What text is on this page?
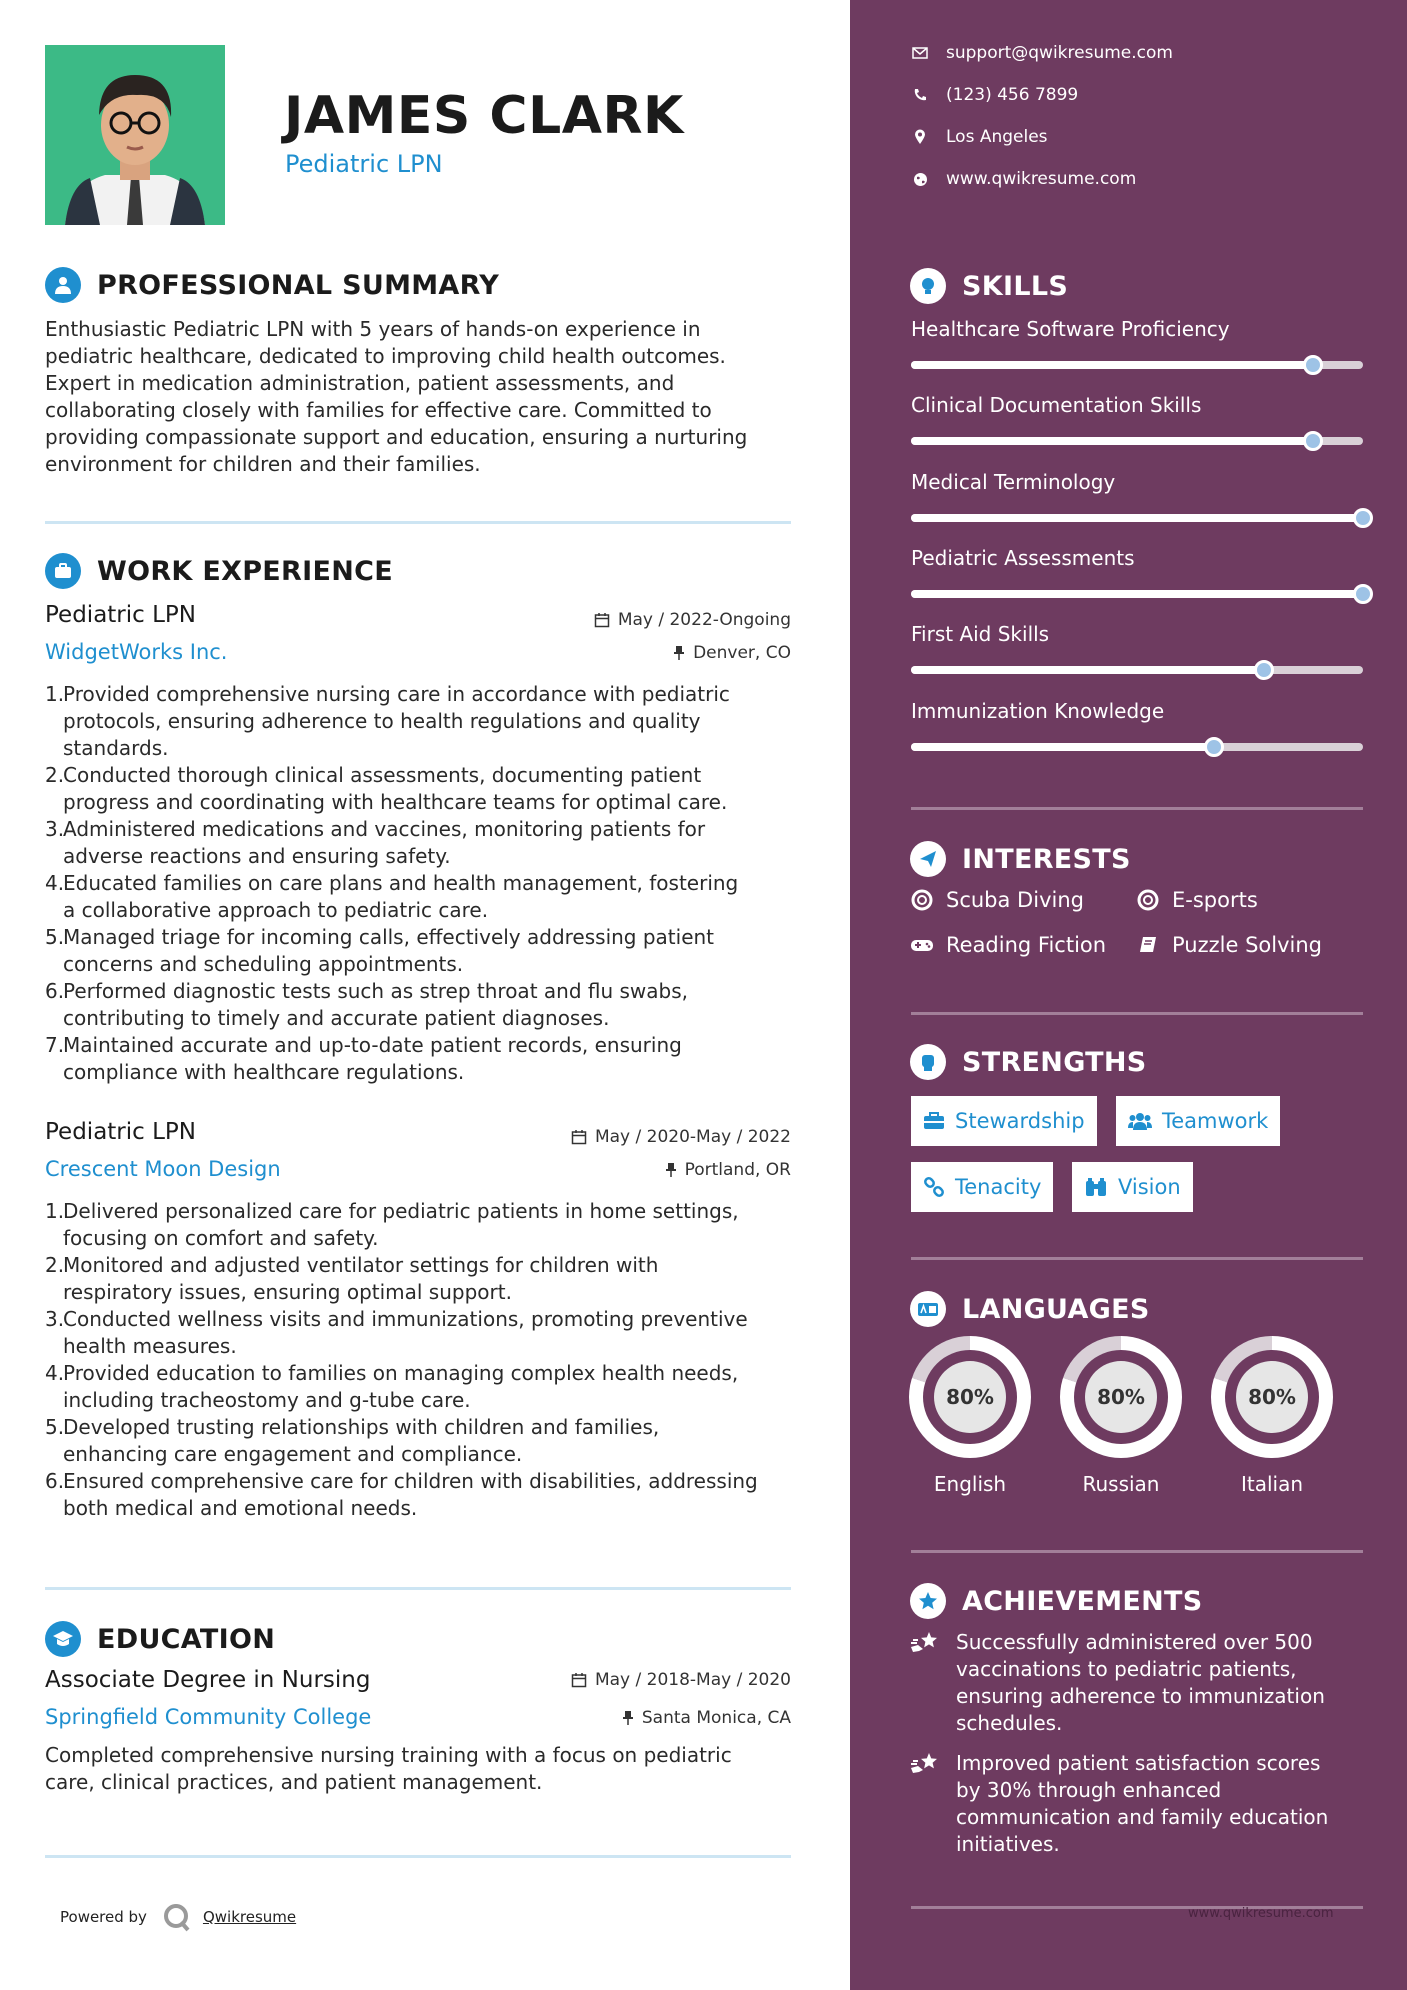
JAMES CLARK
Pediatric LPN
PROFESSIONAL SUMMARY
Enthusiastic Pediatric LPN with 5 years of hands-on experience in
pediatric healthcare, dedicated to improving child health outcomes.
Expert in medication administration, patient assessments, and
collaborating closely with families for effective care. Committed to
providing compassionate support and education, ensuring a nurturing
environment for children and their families.
WORK EXPERIENCE
Pediatric LPN	May / 2022-Ongoing
WidgetWorks Inc.	Denver, CO
1.
Provided comprehensive nursing care in accordance with pediatric
protocols, ensuring adherence to health regulations and quality
standards.
2.
Conducted thorough clinical assessments, documenting patient
progress and coordinating with healthcare teams for optimal care.
3.
Administered medications and vaccines, monitoring patients for
adverse reactions and ensuring safety.
4.
Educated families on care plans and health management, fostering
a collaborative approach to pediatric care.
5.
Managed triage for incoming calls, effectively addressing patient
concerns and scheduling appointments.
6.
Performed diagnostic tests such as strep throat and flu swabs,
contributing to timely and accurate patient diagnoses.
7.
Maintained accurate and up-to-date patient records, ensuring
compliance with healthcare regulations.
Pediatric LPN	May / 2020-May / 2022
Crescent Moon Design	Portland, OR
1.
Delivered personalized care for pediatric patients in home settings,
focusing on comfort and safety.
2.
Monitored and adjusted ventilator settings for children with
respiratory issues, ensuring optimal support.
3.
Conducted wellness visits and immunizations, promoting preventive
health measures.
4.
Provided education to families on managing complex health needs,
including tracheostomy and g-tube care.
5.
Developed trusting relationships with children and families,
enhancing care engagement and compliance.
6.
Ensured comprehensive care for children with disabilities, addressing
both medical and emotional needs.
EDUCATION
Associate Degree in Nursing	May / 2018-May / 2020
Springfield Community College	Santa Monica, CA
Completed comprehensive nursing training with a focus on pediatric
care, clinical practices, and patient management.
Powered by	Qwikresume
support@qwikresume.com
(123) 456 7899
Los Angeles
www.qwikresume.com
SKILLS
Healthcare Software Proficiency
Clinical Documentation Skills
Medical Terminology
Pediatric Assessments
First Aid Skills
Immunization Knowledge
INTERESTS
Scuba Diving	E-sports
Reading Fiction	Puzzle Solving
STRENGTHS
Stewardship	Teamwork
Tenacity	Vision
LANGUAGES
80%
English
80%
Russian
80%
Italian
ACHIEVEMENTS
Successfully administered over 500
vaccinations to pediatric patients,
ensuring adherence to immunization
schedules.
Improved patient satisfaction scores
by 30% through enhanced
communication and family education
initiatives.
www.qwikresume.com
